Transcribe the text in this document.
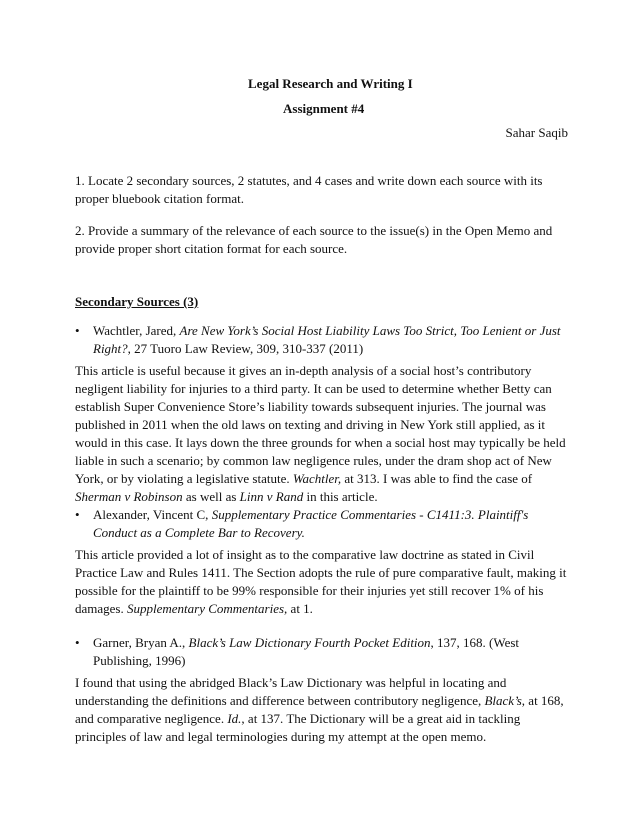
Legal Research and Writing I
Assignment #4
Sahar Saqib
1. Locate 2 secondary sources, 2 statutes, and 4 cases and write down each source with its proper bluebook citation format.
2. Provide a summary of the relevance of each source to the issue(s) in the Open Memo and provide proper short citation format for each source.
Secondary Sources (3)
•	Wachtler, Jared, Are New York’s Social Host Liability Laws Too Strict, Too Lenient or Just Right?, 27 Tuoro Law Review, 309, 310-337 (2011)
This article is useful because it gives an in-depth analysis of a social host’s contributory negligent liability for injuries to a third party. It can be used to determine whether Betty can establish Super Convenience Store’s liability towards subsequent injuries. The journal was published in 2011 when the old laws on texting and driving in New York still applied, as it would in this case. It lays down the three grounds for when a social host may typically be held liable in such a scenario; by common law negligence rules, under the dram shop act of New York, or by violating a legislative statute. Wachtler, at 313. I was able to find the case of Sherman v Robinson as well as Linn v Rand in this article.
•	Alexander, Vincent C, Supplementary Practice Commentaries - C1411:3. Plaintiff's Conduct as a Complete Bar to Recovery.
This article provided a lot of insight as to the comparative law doctrine as stated in Civil Practice Law and Rules 1411. The Section adopts the rule of pure comparative fault, making it possible for the plaintiff to be 99% responsible for their injuries yet still recover 1% of his damages. Supplementary Commentaries, at 1.
•	Garner, Bryan A., Black’s Law Dictionary Fourth Pocket Edition, 137, 168. (West Publishing, 1996)
I found that using the abridged Black’s Law Dictionary was helpful in locating and understanding the definitions and difference between contributory negligence, Black’s, at 168, and comparative negligence. Id., at 137. The Dictionary will be a great aid in tackling principles of law and legal terminologies during my attempt at the open memo.
